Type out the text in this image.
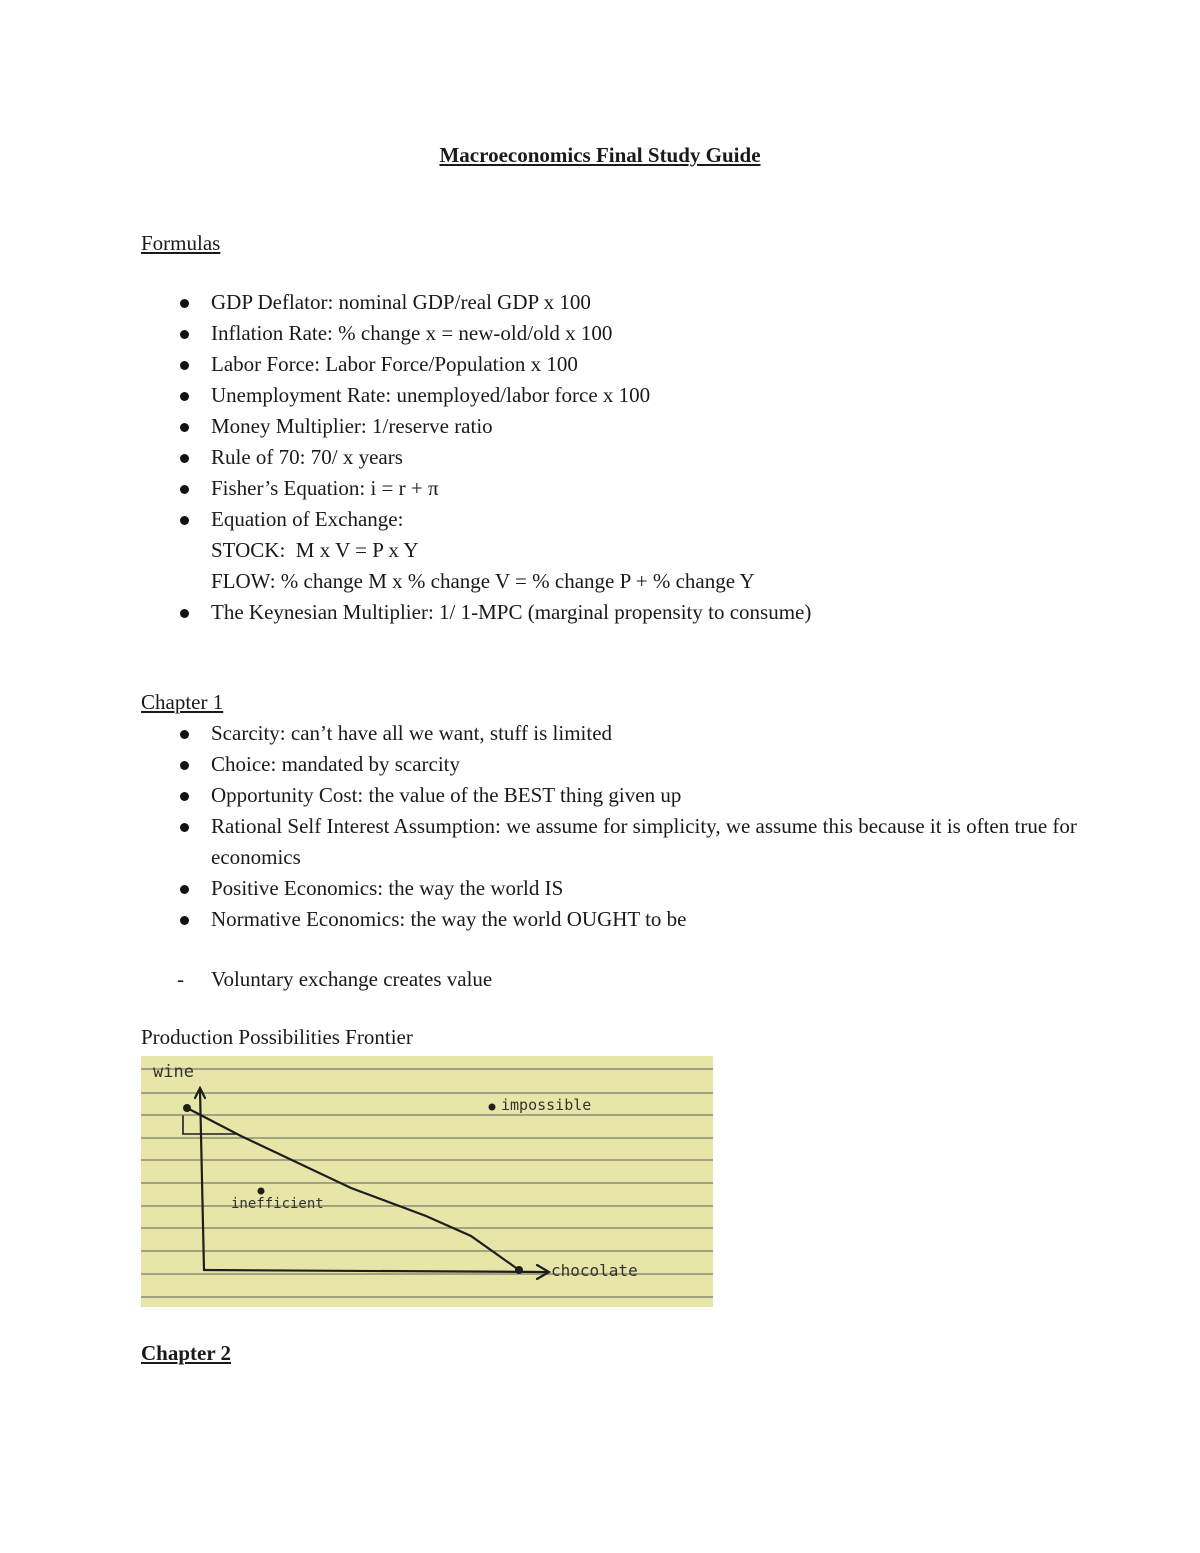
Macroeconomics Final Study Guide
Formulas
GDP Deflator: nominal GDP/real GDP x 100
Inflation Rate: % change x = new-old/old x 100
Labor Force: Labor Force/Population x 100
Unemployment Rate: unemployed/labor force x 100
Money Multiplier: 1/reserve ratio
Rule of 70: 70/ x years
Fisher’s Equation: i = r + π
Equation of Exchange:
STOCK:  M x V = P x Y
FLOW: % change M x % change V = % change P + % change Y
The Keynesian Multiplier: 1/ 1-MPC (marginal propensity to consume)
Chapter 1
Scarcity: can’t have all we want, stuff is limited
Choice: mandated by scarcity
Opportunity Cost: the value of the BEST thing given up
Rational Self Interest Assumption: we assume for simplicity, we assume this because it is often true for economics
Positive Economics: the way the world IS
Normative Economics: the way the world OUGHT to be
- Voluntary exchange creates value
Production Possibilities Frontier
wine
chocolate
impossible
inefficient
Chapter 2
